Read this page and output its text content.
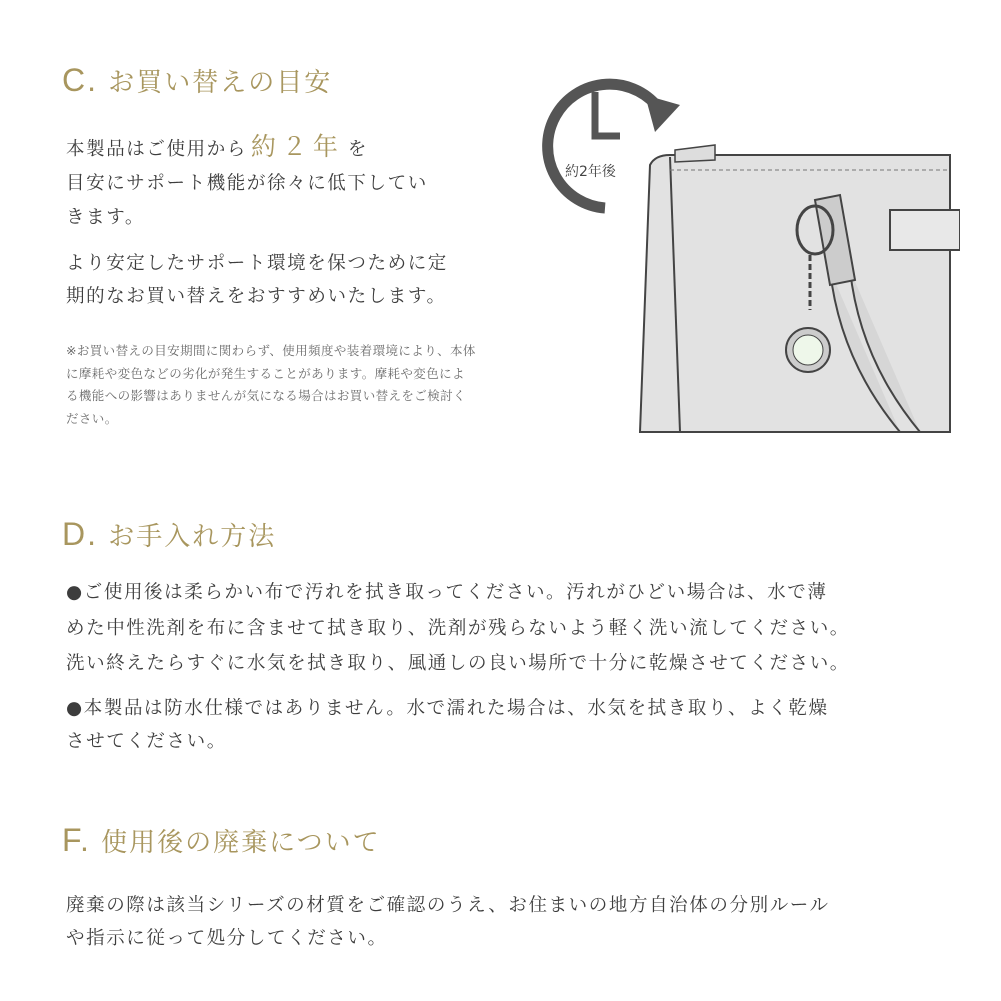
C. お買い替えの目安

本製品はご使用から 約２年 を
目安にサポート機能が徐々に低下してい
きます。

より安定したサポート環境を保つために定
期的なお買い替えをおすすめいたします。

※お買い替えの目安期間に関わらず、使用頻度や装着環境により、本体に摩耗や変色などの劣化が発生することがあります。摩耗や変色による機能への影響はありませんが気になる場合はお買い替えをご検討ください。

約2年後
D. お手入れ方法

●ご使用後は柔らかい布で汚れを拭き取ってください。汚れがひどい場合は、水で薄
めた中性洗剤を布に含ませて拭き取り、洗剤が残らないよう軽く洗い流してください。
洗い終えたらすぐに水気を拭き取り、風通しの良い場所で十分に乾燥させてください。

●本製品は防水仕様ではありません。水で濡れた場合は、水気を拭き取り、よく乾燥
させてください。

F. 使用後の廃棄について

廃棄の際は該当シリーズの材質をご確認のうえ、お住まいの地方自治体の分別ルール
や指示に従って処分してください。
